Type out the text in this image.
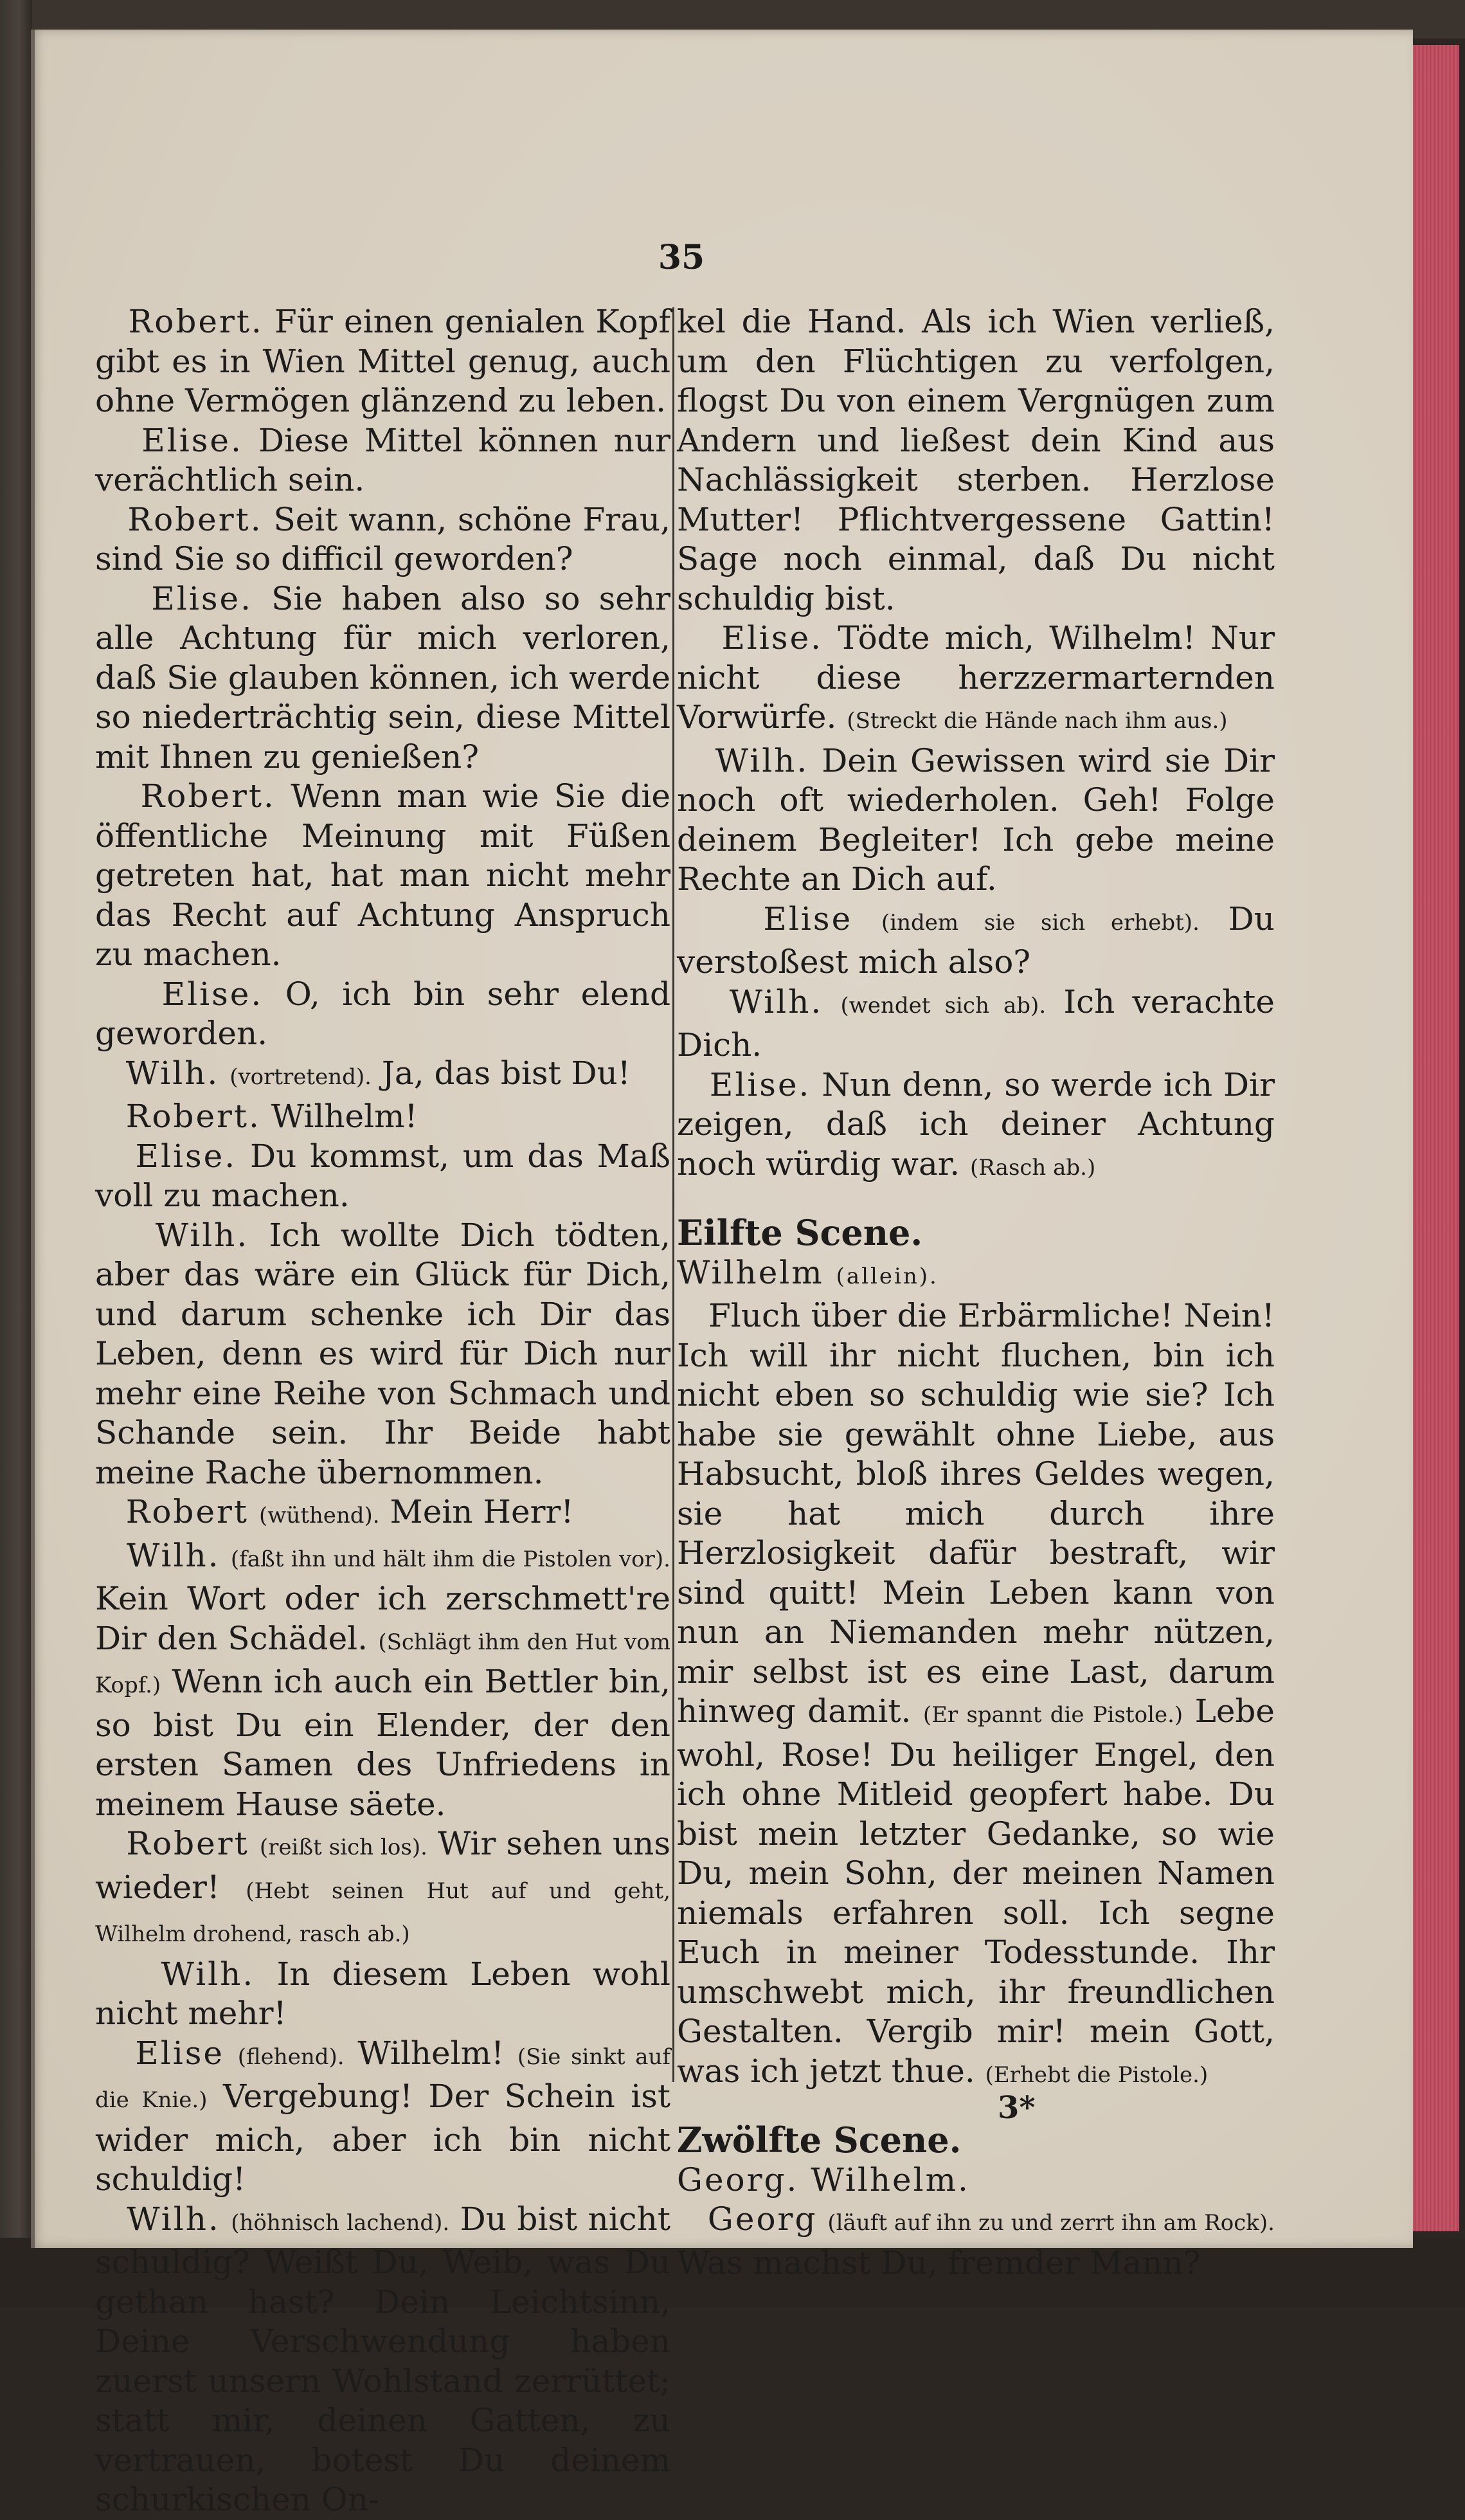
35

Robert. Für einen genialen Kopf gibt es in Wien Mittel genug, auch ohne Vermögen glänzend zu leben.

Elise. Diese Mittel können nur verächtlich sein.

Robert. Seit wann, schöne Frau, sind Sie so difficil geworden?

Elise. Sie haben also so sehr alle Achtung für mich verloren, daß Sie glauben können, ich werde so niederträchtig sein, diese Mittel mit Ihnen zu genießen?

Robert. Wenn man wie Sie die öffentliche Meinung mit Füßen getreten hat, hat man nicht mehr das Recht auf Achtung Anspruch zu machen.

Elise. O, ich bin sehr elend geworden.

Wilh. (vortretend). Ja, das bist Du!

Robert. Wilhelm!

Elise. Du kommst, um das Maß voll zu machen.

Wilh. Ich wollte Dich tödten, aber das wäre ein Glück für Dich, und darum schenke ich Dir das Leben, denn es wird für Dich nur mehr eine Reihe von Schmach und Schande sein. Ihr Beide habt meine Rache übernommen.

Robert (wüthend). Mein Herr!

Wilh. (faßt ihn und hält ihm die Pistolen vor). Kein Wort oder ich zerschmett're Dir den Schädel. (Schlägt ihm den Hut vom Kopf.) Wenn ich auch ein Bettler bin, so bist Du ein Elender, der den ersten Samen des Unfriedens in meinem Hause säete.

Robert (reißt sich los). Wir sehen uns wieder! (Hebt seinen Hut auf und geht, Wilhelm drohend, rasch ab.)

Wilh. In diesem Leben wohl nicht mehr!

Elise (flehend). Wilhelm! (Sie sinkt auf die Knie.) Vergebung! Der Schein ist wider mich, aber ich bin nicht schuldig!

Wilh. (höhnisch lachend). Du bist nicht schuldig? Weißt Du, Weib, was Du gethan hast? Dein Leichtsinn, Deine Verschwendung haben zuerst unsern Wohlstand zerrüttet; statt mir, deinen Gatten, zu vertrauen, botest Du deinem schurkischen On-

kel die Hand. Als ich Wien verließ, um den Flüchtigen zu verfolgen, flogst Du von einem Vergnügen zum Andern und ließest dein Kind aus Nachlässigkeit sterben. Herzlose Mutter! Pflichtvergessene Gattin! Sage noch einmal, daß Du nicht schuldig bist.

Elise. Tödte mich, Wilhelm! Nur nicht diese herzzermarternden Vorwürfe. (Streckt die Hände nach ihm aus.)

Wilh. Dein Gewissen wird sie Dir noch oft wiederholen. Geh! Folge deinem Begleiter! Ich gebe meine Rechte an Dich auf.

Elise (indem sie sich erhebt). Du verstoßest mich also?

Wilh. (wendet sich ab). Ich verachte Dich.

Elise. Nun denn, so werde ich Dir zeigen, daß ich deiner Achtung noch würdig war. (Rasch ab.)

Eilfte Scene.

Wilhelm (allein).

Fluch über die Erbärmliche! Nein! Ich will ihr nicht fluchen, bin ich nicht eben so schuldig wie sie? Ich habe sie gewählt ohne Liebe, aus Habsucht, bloß ihres Geldes wegen, sie hat mich durch ihre Herzlosigkeit dafür bestraft, wir sind quitt! Mein Leben kann von nun an Niemanden mehr nützen, mir selbst ist es eine Last, darum hinweg damit. (Er spannt die Pistole.) Lebe wohl, Rose! Du heiliger Engel, den ich ohne Mitleid geopfert habe. Du bist mein letzter Gedanke, so wie Du, mein Sohn, der meinen Namen niemals erfahren soll. Ich segne Euch in meiner Todesstunde. Ihr umschwebt mich, ihr freundlichen Gestalten. Vergib mir! mein Gott, was ich jetzt thue. (Erhebt die Pistole.)

Zwölfte Scene.

Georg. Wilhelm.

Georg (läuft auf ihn zu und zerrt ihn am Rock). Was machst Du, fremder Mann?

3*
